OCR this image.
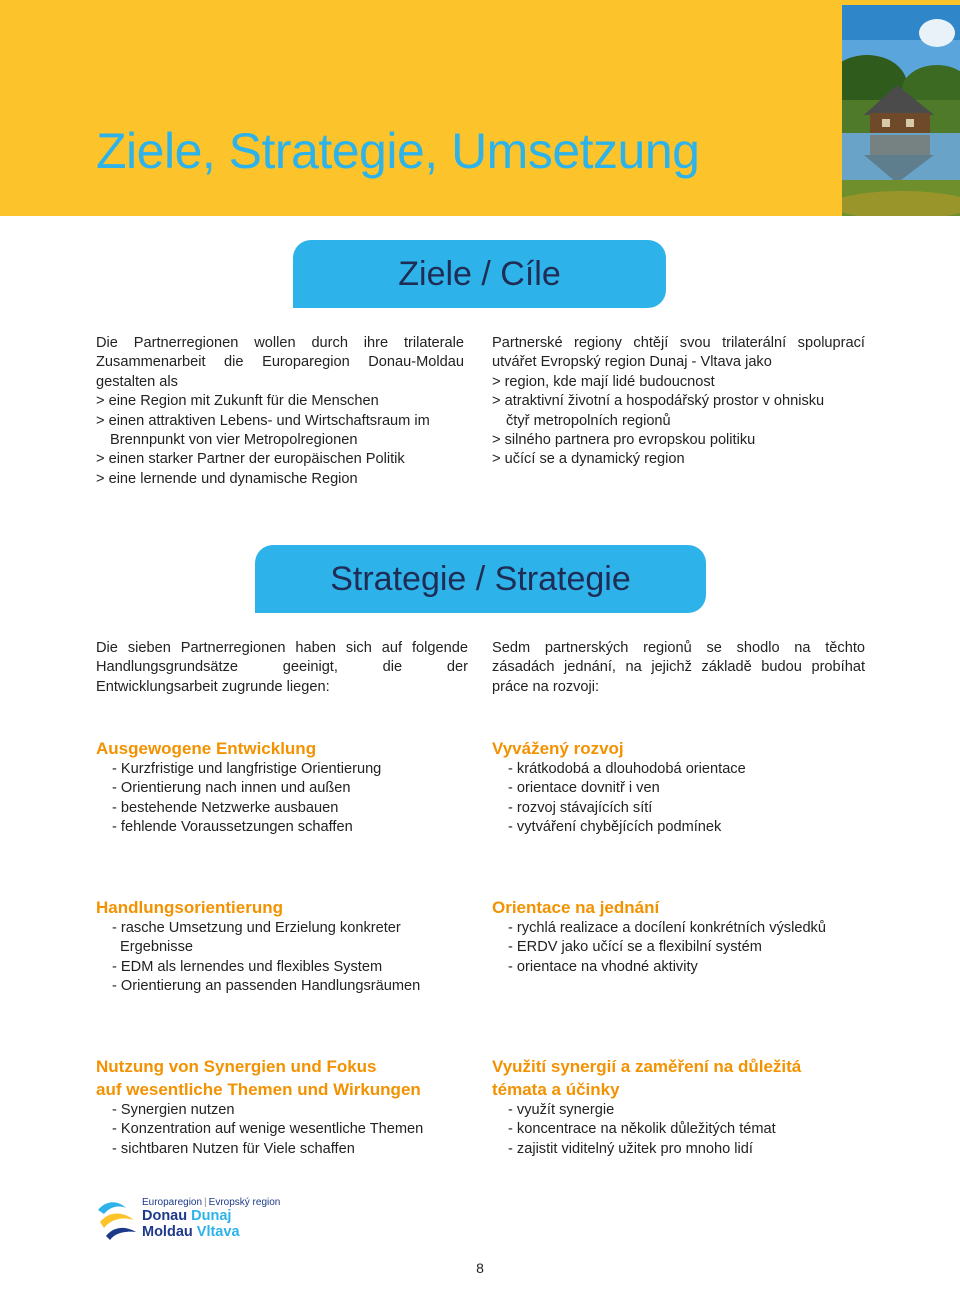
Ziele, Strategie, Umsetzung
Ziele / Cíle

Die Partnerregionen wollen durch ihre trilaterale Zusammenarbeit die Europaregion Donau-Moldau gestalten als

> eine Region mit Zukunft für die Menschen

> einen attraktiven Lebens- und Wirtschaftsraum im

Brennpunkt von vier Metropolregionen

> einen starker Partner der europäischen Politik

> eine lernende und dynamische Region

Partnerské regiony chtějí svou trilaterální spoluprací utvářet Evropský region Dunaj - Vltava jako

> region, kde mají lidé budoucnost

> atraktivní životní a hospodářský prostor v ohnisku

čtyř metropolních regionů

> silného partnera pro evropskou politiku

> učící se a dynamický region

Strategie / Strategie

Die sieben Partnerregionen haben sich auf folgende Handlungsgrundsätze geeinigt, die der Entwicklungsarbeit zugrunde liegen:

Sedm partnerských regionů se shodlo na těchto zásadách jednání, na jejichž základě budou probíhat práce na rozvoji:

Ausgewogene Entwicklung

- Kurzfristige und langfristige Orientierung
- Orientierung nach innen und außen
- bestehende Netzwerke ausbauen
- fehlende Voraussetzungen schaffen

Vyvážený rozvoj

- krátkodobá a dlouhodobá orientace
- orientace dovnitř i ven
- rozvoj stávajících sítí
- vytváření chybějících podmínek

Handlungsorientierung

- rasche Umsetzung und Erzielung konkreter
Ergebnisse
- EDM als lernendes und flexibles System
- Orientierung an passenden Handlungsräumen

Orientace na jednání

- rychlá realizace a docílení konkrétních výsledků
- ERDV jako učící se a flexibilní systém
- orientace na vhodné aktivity

Nutzung von Synergien und Fokus

auf wesentliche Themen und Wirkungen

- Synergien nutzen
- Konzentration auf wenige wesentliche Themen
- sichtbaren Nutzen für Viele schaffen

Využití synergií a zaměření na důležitá

témata a účinky

- využít synergie
- koncentrace na několik důležitých témat
- zajistit viditelný užitek pro mnoho lidí
Europaregion | Evropský region
Donau Dunaj
Moldau Vltava
8
